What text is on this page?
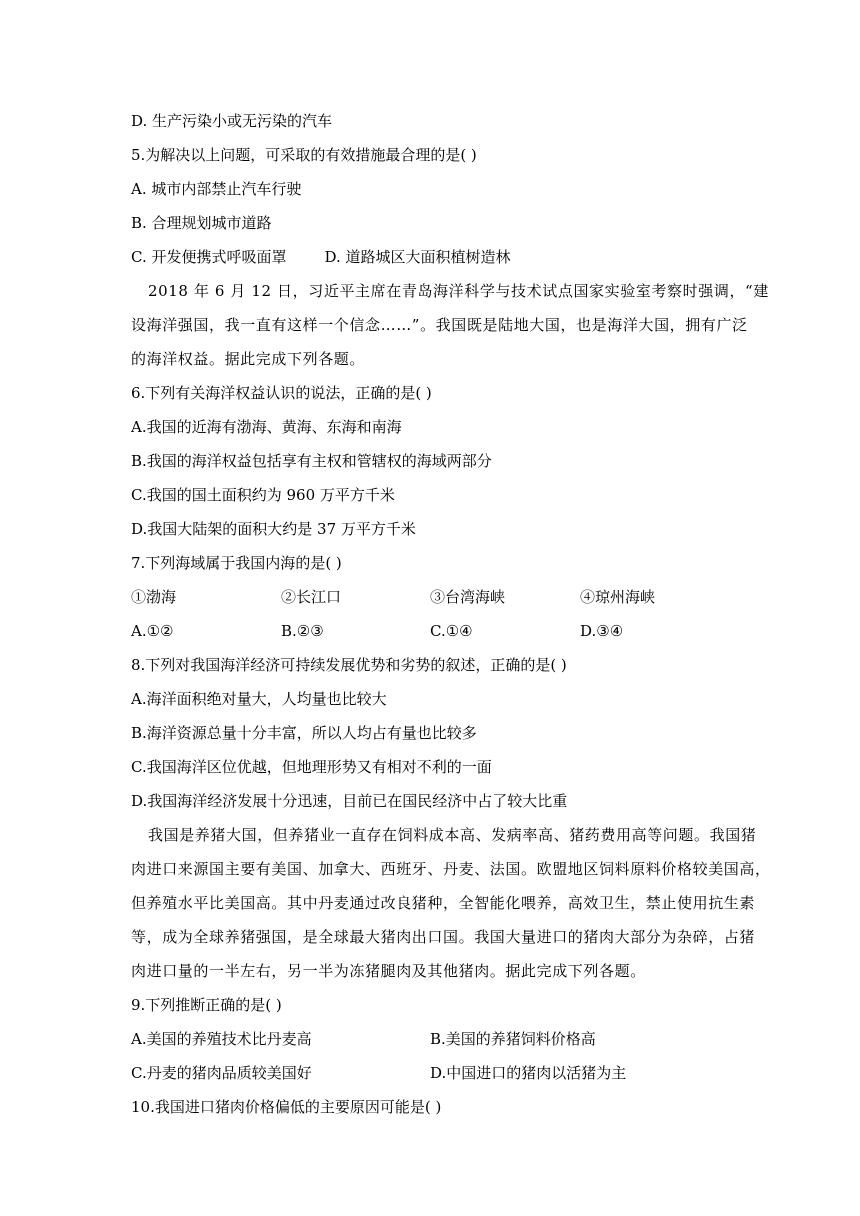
D. 生产污染小或无污染的汽车
5.为解决以上问题，可采取的有效措施最合理的是( )
A. 城市内部禁止汽车行驶
B. 合理规划城市道路
C. 开发便携式呼吸面罩	D. 道路城区大面积植树造林
2018 年 6 月 12 日，习近平主席在青岛海洋科学与技术试点国家实验室考察时强调，“建
设海洋强国，我一直有这样一个信念……”。我国既是陆地大国，也是海洋大国，拥有广泛
的海洋权益。据此完成下列各题。
6.下列有关海洋权益认识的说法，正确的是( )
A.我国的近海有渤海、黄海、东海和南海
B.我国的海洋权益包括享有主权和管辖权的海域两部分
C.我国的国土面积约为 960 万平方千米
D.我国大陆架的面积大约是 37 万平方千米
7.下列海域属于我国内海的是( )
①渤海	②长江口	③台湾海峡	④琼州海峡
A.①②	B.②③	C.①④	D.③④
8.下列对我国海洋经济可持续发展优势和劣势的叙述，正确的是( )
A.海洋面积绝对量大，人均量也比较大
B.海洋资源总量十分丰富，所以人均占有量也比较多
C.我国海洋区位优越，但地理形势又有相对不利的一面
D.我国海洋经济发展十分迅速，目前已在国民经济中占了较大比重
我国是养猪大国，但养猪业一直存在饲料成本高、发病率高、猪药费用高等问题。我国猪
肉进口来源国主要有美国、加拿大、西班牙、丹麦、法国。欧盟地区饲料原料价格较美国高，
但养殖水平比美国高。其中丹麦通过改良猪种，全智能化喂养，高效卫生，禁止使用抗生素
等，成为全球养猪强国，是全球最大猪肉出口国。我国大量进口的猪肉大部分为杂碎，占猪
肉进口量的一半左右，另一半为冻猪腿肉及其他猪肉。据此完成下列各题。
9.下列推断正确的是( )
A.美国的养殖技术比丹麦高	B.美国的养猪饲料价格高
C.丹麦的猪肉品质较美国好	D.中国进口的猪肉以活猪为主
10.我国进口猪肉价格偏低的主要原因可能是( )
